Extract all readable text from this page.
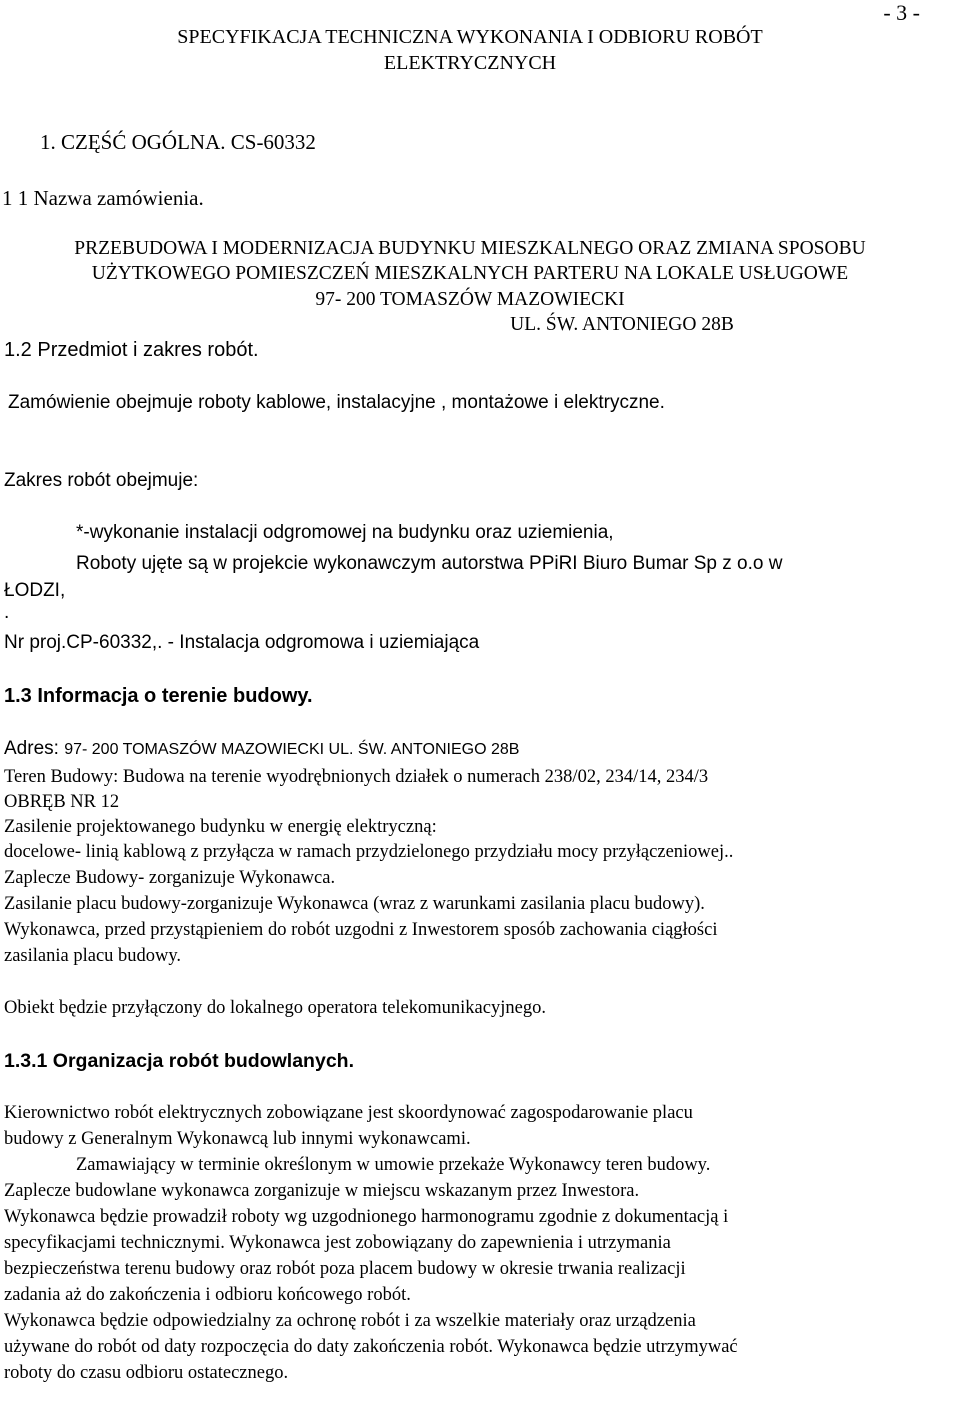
- 3 -
SPECYFIKACJA TECHNICZNA WYKONANIA I ODBIORU ROBÓT
ELEKTRYCZNYCH
1. CZĘŚĆ OGÓLNA. CS-60332
1 1 Nazwa zamówienia.
PRZEBUDOWA I MODERNIZACJA BUDYNKU MIESZKALNEGO ORAZ ZMIANA SPOSOBU
UŻYTKOWEGO POMIESZCZEŃ MIESZKALNYCH PARTERU NA LOKALE USŁUGOWE
97- 200 TOMASZÓW MAZOWIECKI
UL. ŚW. ANTONIEGO 28B
1.2 Przedmiot i zakres robót.
Zamówienie obejmuje roboty kablowe, instalacyjne , montażowe i elektryczne.
Zakres robót obejmuje:
*-wykonanie instalacji odgromowej na budynku oraz uziemienia,
Roboty ujęte są w projekcie wykonawczym autorstwa PPiRI Biuro Bumar Sp z o.o w
ŁODZI,
.
Nr proj.CP-60332,. - Instalacja odgromowa i uziemiająca
1.3 Informacja o terenie budowy.
Adres: 97- 200 TOMASZÓW MAZOWIECKI UL. ŚW. ANTONIEGO 28B
Teren Budowy: Budowa na terenie wyodrębnionych działek o numerach 238/02, 234/14, 234/3
OBRĘB NR 12
Zasilenie projektowanego budynku w energię elektryczną:
docelowe- linią kablową z przyłącza w ramach przydzielonego przydziału mocy przyłączeniowej..
Zaplecze Budowy- zorganizuje Wykonawca.
Zasilanie placu budowy-zorganizuje Wykonawca (wraz z warunkami zasilania placu budowy).
Wykonawca, przed przystąpieniem do robót uzgodni z Inwestorem sposób zachowania ciągłości
zasilania placu budowy.
Obiekt będzie przyłączony do lokalnego operatora telekomunikacyjnego.
1.3.1 Organizacja robót budowlanych.
Kierownictwo robót elektrycznych zobowiązane jest skoordynować zagospodarowanie placu
budowy z Generalnym Wykonawcą lub innymi wykonawcami.
Zamawiający w terminie określonym w umowie przekaże Wykonawcy teren budowy.
Zaplecze budowlane wykonawca zorganizuje w miejscu wskazanym przez Inwestora.
Wykonawca będzie prowadził roboty wg uzgodnionego harmonogramu zgodnie z dokumentacją i
specyfikacjami technicznymi. Wykonawca jest zobowiązany do zapewnienia i utrzymania
bezpieczeństwa terenu budowy oraz robót poza placem budowy w okresie trwania realizacji
zadania aż do zakończenia i odbioru końcowego robót.
Wykonawca będzie odpowiedzialny za ochronę robót i za wszelkie materiały oraz urządzenia
używane do robót od daty rozpoczęcia do daty zakończenia robót. Wykonawca będzie utrzymywać
roboty do czasu odbioru ostatecznego.
